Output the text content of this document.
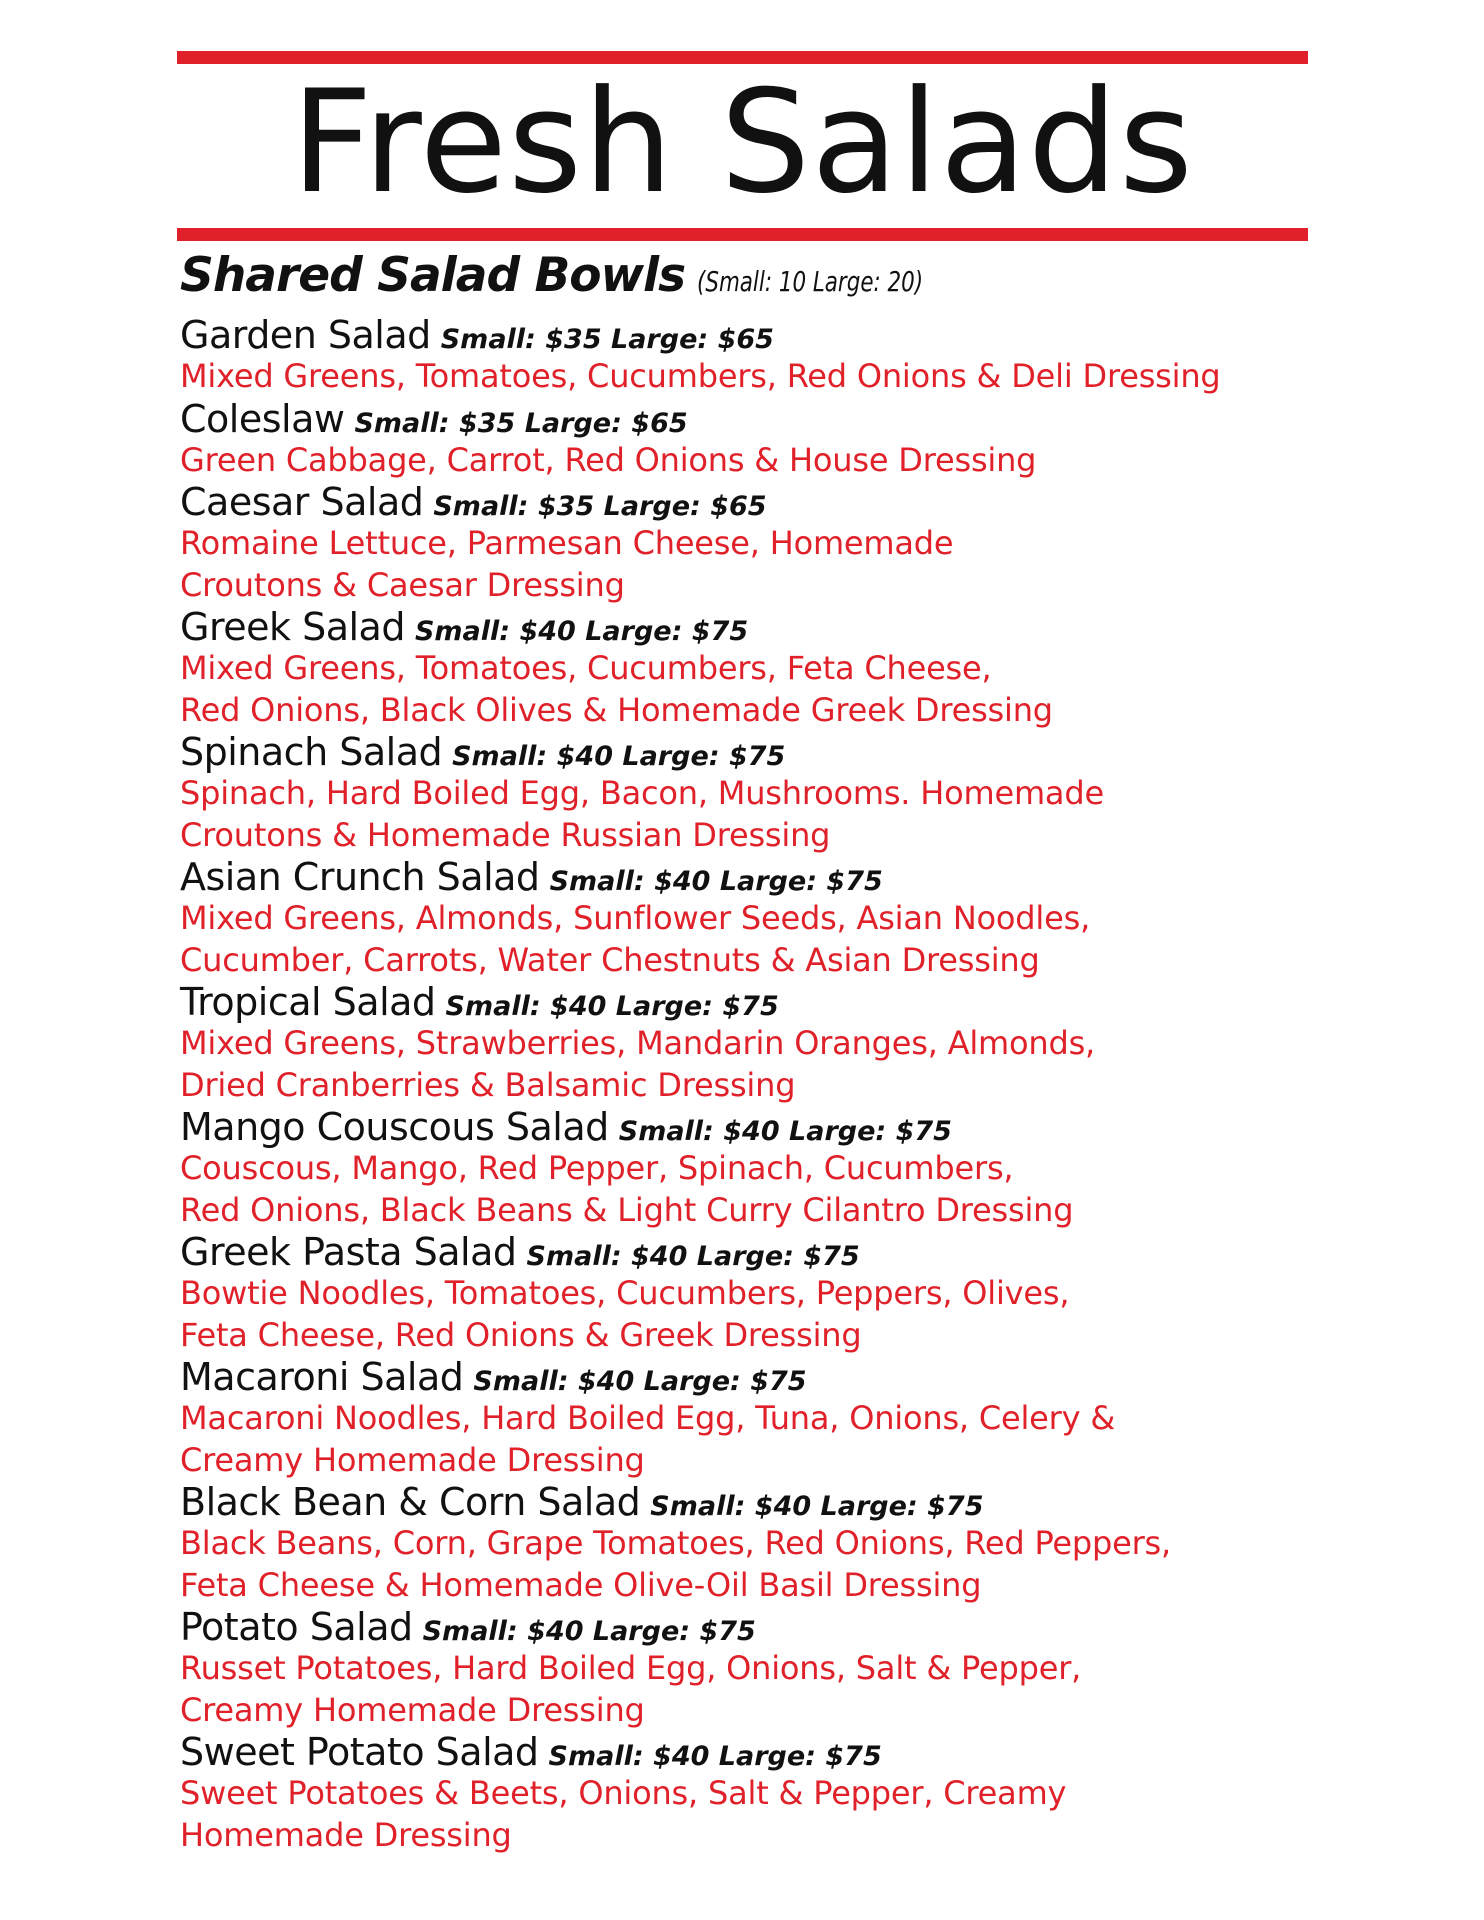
Fresh Salads
Shared Salad Bowls (Small: 10 Large: 20)
Garden Salad Small: $35 Large: $65
Mixed Greens, Tomatoes, Cucumbers, Red Onions & Deli Dressing
Coleslaw Small: $35 Large: $65
Green Cabbage, Carrot, Red Onions & House Dressing
Caesar Salad Small: $35 Large: $65
Romaine Lettuce, Parmesan Cheese, Homemade
Croutons & Caesar Dressing
Greek Salad Small: $40 Large: $75
Mixed Greens, Tomatoes, Cucumbers, Feta Cheese,
Red Onions, Black Olives & Homemade Greek Dressing
Spinach Salad Small: $40 Large: $75
Spinach, Hard Boiled Egg, Bacon, Mushrooms. Homemade
Croutons & Homemade Russian Dressing
Asian Crunch Salad Small: $40 Large: $75
Mixed Greens, Almonds, Sunflower Seeds, Asian Noodles,
Cucumber, Carrots, Water Chestnuts & Asian Dressing
Tropical Salad Small: $40 Large: $75
Mixed Greens, Strawberries, Mandarin Oranges, Almonds,
Dried Cranberries & Balsamic Dressing
Mango Couscous Salad Small: $40 Large: $75
Couscous, Mango, Red Pepper, Spinach, Cucumbers,
Red Onions, Black Beans & Light Curry Cilantro Dressing
Greek Pasta Salad Small: $40 Large: $75
Bowtie Noodles, Tomatoes, Cucumbers, Peppers, Olives,
Feta Cheese, Red Onions & Greek Dressing
Macaroni Salad Small: $40 Large: $75
Macaroni Noodles, Hard Boiled Egg, Tuna, Onions, Celery &
Creamy Homemade Dressing
Black Bean & Corn Salad Small: $40 Large: $75
Black Beans, Corn, Grape Tomatoes, Red Onions, Red Peppers,
Feta Cheese & Homemade Olive-Oil Basil Dressing
Potato Salad Small: $40 Large: $75
Russet Potatoes, Hard Boiled Egg, Onions, Salt & Pepper,
Creamy Homemade Dressing
Sweet Potato Salad Small: $40 Large: $75
Sweet Potatoes & Beets, Onions, Salt & Pepper, Creamy
Homemade Dressing
